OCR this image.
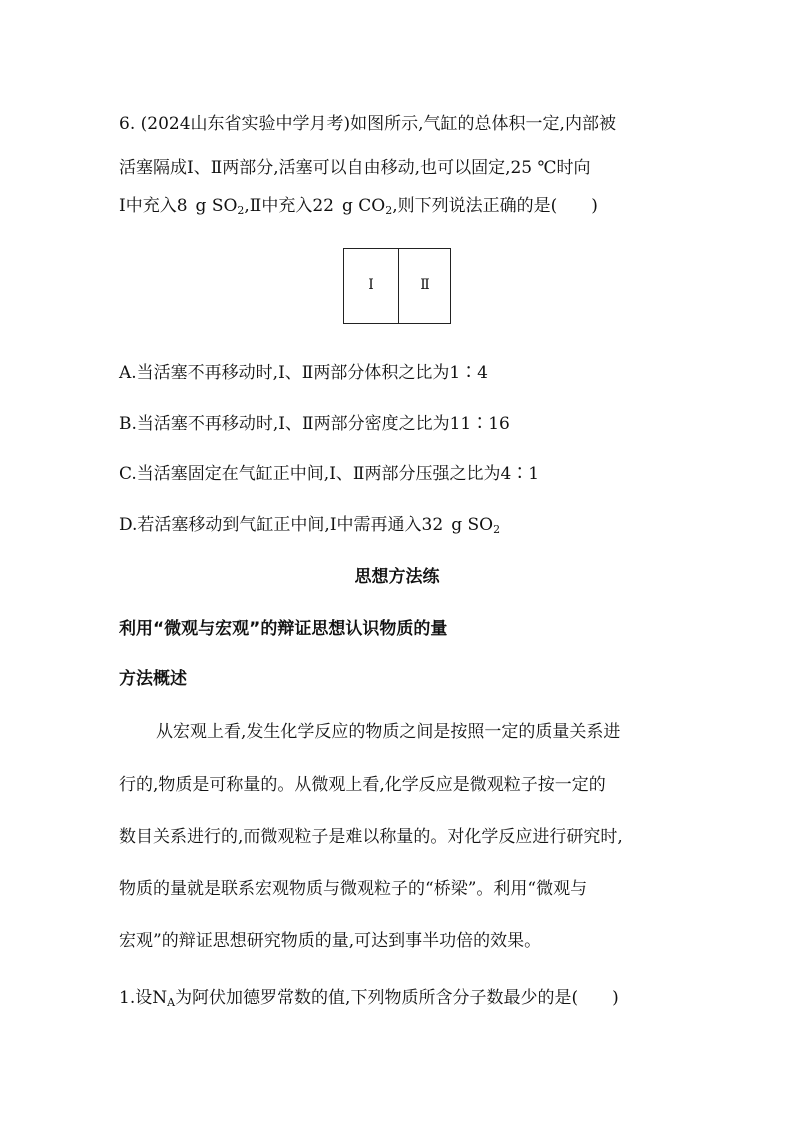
6. (2024山东省实验中学月考)如图所示,气缸的总体积一定,内部被
活塞隔成Ⅰ、Ⅱ两部分,活塞可以自由移动,也可以固定,25 ℃时向
Ⅰ中充入8 g $SO_2,Ⅱ$中充入22 g $CO_2$,则下列说法正确的是(　　)
Ⅰ	Ⅱ
A.当活塞不再移动时,Ⅰ、Ⅱ两部分体积之比为1∶4
B.当活塞不再移动时,Ⅰ、Ⅱ两部分密度之比为11∶16
C.当活塞固定在气缸正中间,Ⅰ、Ⅱ两部分压强之比为4∶1
D.若活塞移动到气缸正中间,Ⅰ中需再通入32 g $SO_2$
思想方法练
利用“微观与宏观”的辩证思想认识物质的量
方法概述
从宏观上看,发生化学反应的物质之间是按照一定的质量关系进
行的,物质是可称量的。从微观上看,化学反应是微观粒子按一定的
数目关系进行的,而微观粒子是难以称量的。对化学反应进行研究时,
物质的量就是联系宏观物质与微观粒子的“桥梁”。利用“微观与
宏观”的辩证思想研究物质的量,可达到事半功倍的效果。
1.设$N_A$为阿伏加德罗常数的值,下列物质所含分子数最少的是(　　)
